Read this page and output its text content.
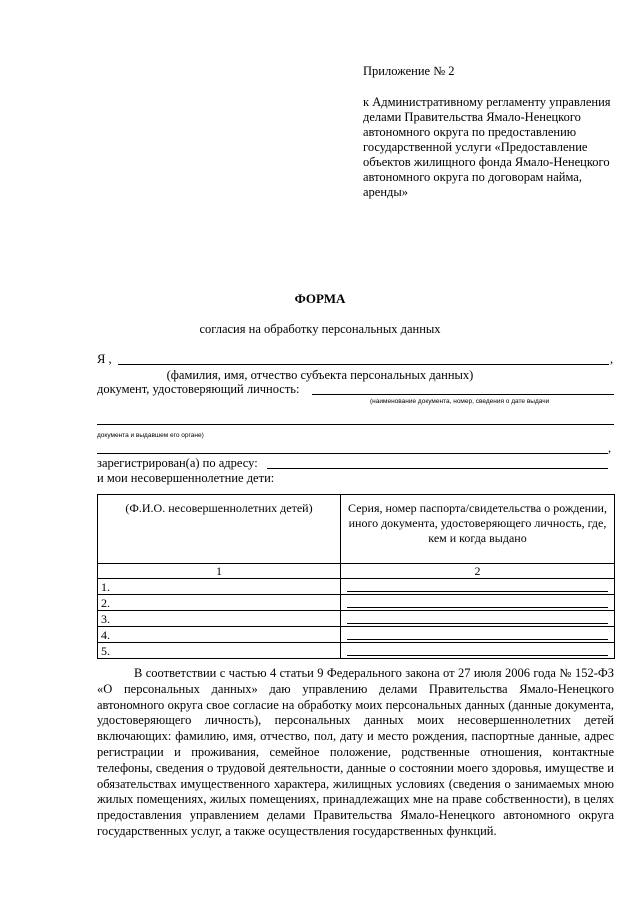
Приложение № 2

к Административному регламенту управления делами Правительства Ямало-Ненецкого автономного округа по предоставлению государственной услуги «Предоставление объектов жилищного фонда Ямало-Ненецкого автономного округа по договорам найма, аренды»

ФОРМА
согласия на обработку персональных данных
Я ,	,
(фамилия, имя, отчество субъекта персональных данных)
документ, удостоверяющий личность:
(наименование документа, номер, сведения о дате выдачи
документа и выдавшем его органе)
,
зарегистрирован(а) по адресу:
и мои несовершеннолетние дети:
(Ф.И.О. несовершеннолетних детей)	Серия, номер паспорта/свидетельства о рождении, иного документа, удостоверяющего личность, где, кем и когда выдано
1	2
1.	

2.	

3.	

4.	

5.	

В соответствии с частью 4 статьи 9 Федерального закона от 27 июля 2006 года № 152-ФЗ «О персональных данных» даю управлению делами Правительства Ямало-Ненецкого автономного округа свое согласие на обработку моих персональных данных (данные документа, удостоверяющего личность), персональных данных моих несовершеннолетних детей включающих: фамилию, имя, отчество, пол, дату и место рождения, паспортные данные, адрес регистрации и проживания, семейное положение, родственные отношения, контактные телефоны, сведения о трудовой деятельности, данные о состоянии моего здоровья, имуществе и обязательствах имущественного характера, жилищных условиях (сведения о занимаемых мною жилых помещениях, жилых помещениях, принадлежащих мне на праве собственности), в целях предоставления управлением делами Правительства Ямало-Ненецкого автономного округа государственных услуг, а также осуществления государственных функций.
